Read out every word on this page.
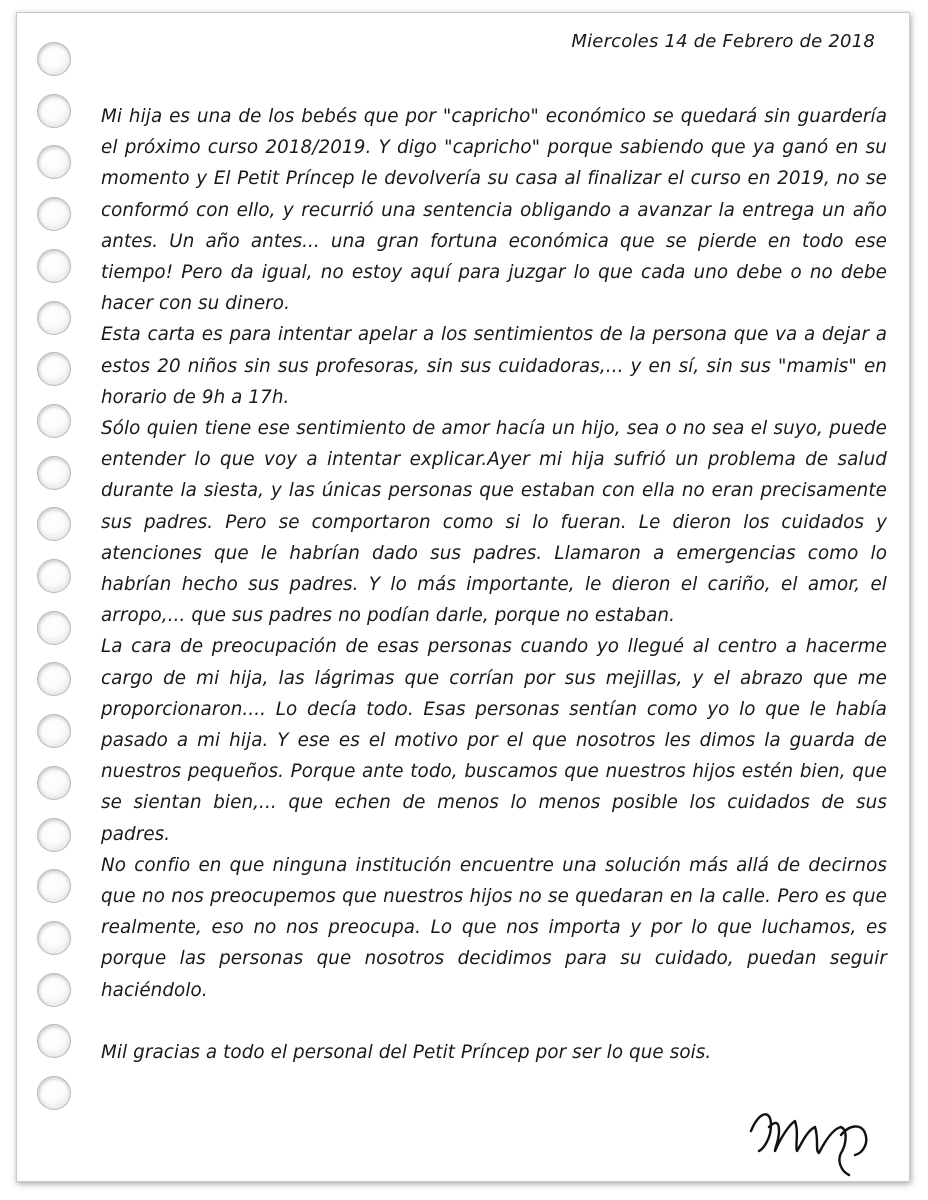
Miercoles 14 de Febrero de 2018

Mi hija es una de los bebés que por "capricho" económico se quedará sin guardería el próximo curso 2018/2019. Y digo "capricho" porque sabiendo que ya ganó en su momento y El Petit Príncep le devolvería su casa al finalizar el curso en 2019, no se conformó con ello, y recurrió una sentencia obligando a avanzar la entrega un año antes. Un año antes... una gran fortuna económica que se pierde en todo ese tiempo! Pero da igual, no estoy aquí para juzgar lo que cada uno debe o no debe hacer con su dinero.

Esta carta es para intentar apelar a los sentimientos de la persona que va a dejar a estos 20 niños sin sus profesoras, sin sus cuidadoras,... y en sí, sin sus "mamis" en horario de 9h a 17h.

Sólo quien tiene ese sentimiento de amor hacía un hijo, sea o no sea el suyo, puede entender lo que voy a intentar explicar.Ayer mi hija sufrió un problema de salud durante la siesta, y las únicas personas que estaban con ella no eran precisamente sus padres. Pero se comportaron como si lo fueran. Le dieron los cuidados y atenciones que le habrían dado sus padres. Llamaron a emergencias como lo habrían hecho sus padres. Y lo más importante, le dieron el cariño, el amor, el arropo,... que sus padres no podían darle, porque no estaban.

La cara de preocupación de esas personas cuando yo llegué al centro a hacerme cargo de mi hija, las lágrimas que corrían por sus mejillas, y el abrazo que me proporcionaron.... Lo decía todo. Esas personas sentían como yo lo que le había pasado a mi hija. Y ese es el motivo por el que nosotros les dimos la guarda de nuestros pequeños. Porque ante todo, buscamos que nuestros hijos estén bien, que se sientan bien,... que echen de menos lo menos posible los cuidados de sus padres.

No confio en que ninguna institución encuentre una solución más allá de decirnos que no nos preocupemos que nuestros hijos no se quedaran en la calle. Pero es que realmente, eso no nos preocupa. Lo que nos importa y por lo que luchamos, es porque las personas que nosotros decidimos para su cuidado, puedan seguir haciéndolo.

Mil gracias a todo el personal del Petit Príncep por ser lo que sois.
